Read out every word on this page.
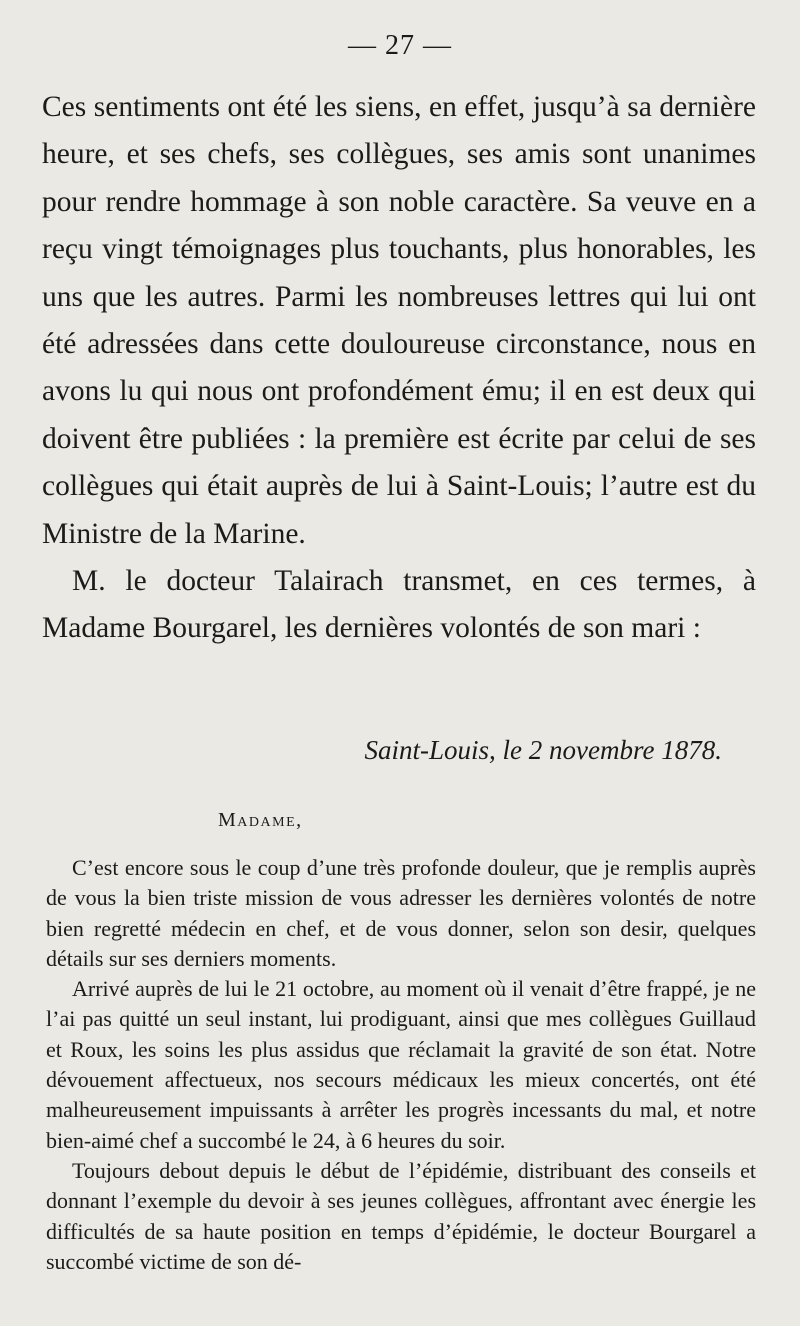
— 27 —

Ces sentiments ont été les siens, en effet, jusqu’à sa dernière heure, et ses chefs, ses collègues, ses amis sont unanimes pour rendre hommage à son noble caractère. Sa veuve en a reçu vingt témoignages plus touchants, plus honorables, les uns que les autres. Parmi les nombreuses lettres qui lui ont été adressées dans cette douloureuse circonstance, nous en avons lu qui nous ont profondément ému; il en est deux qui doivent être publiées : la première est écrite par celui de ses collègues qui était auprès de lui à Saint-Louis; l’autre est du Ministre de la Marine.

M. le docteur Talairach transmet, en ces termes, à Madame Bourgarel, les dernières volontés de son mari :

Saint-Louis, le 2 novembre 1878.
Madame,

C’est encore sous le coup d’une très profonde douleur, que je remplis auprès de vous la bien triste mission de vous adresser les dernières volontés de notre bien regretté médecin en chef, et de vous donner, selon son desir, quelques détails sur ses derniers moments.

Arrivé auprès de lui le 21 octobre, au moment où il venait d’être frappé, je ne l’ai pas quitté un seul instant, lui prodiguant, ainsi que mes collègues Guillaud et Roux, les soins les plus assidus que réclamait la gravité de son état. Notre dévouement affectueux, nos secours médicaux les mieux concertés, ont été malheureusement impuissants à arrêter les progrès incessants du mal, et notre bien-aimé chef a succombé le 24, à 6 heures du soir.

Toujours debout depuis le début de l’épidémie, distribuant des conseils et donnant l’exemple du devoir à ses jeunes collègues, affrontant avec énergie les difficultés de sa haute position en temps d’épidémie, le docteur Bourgarel a succombé victime de son dé-
